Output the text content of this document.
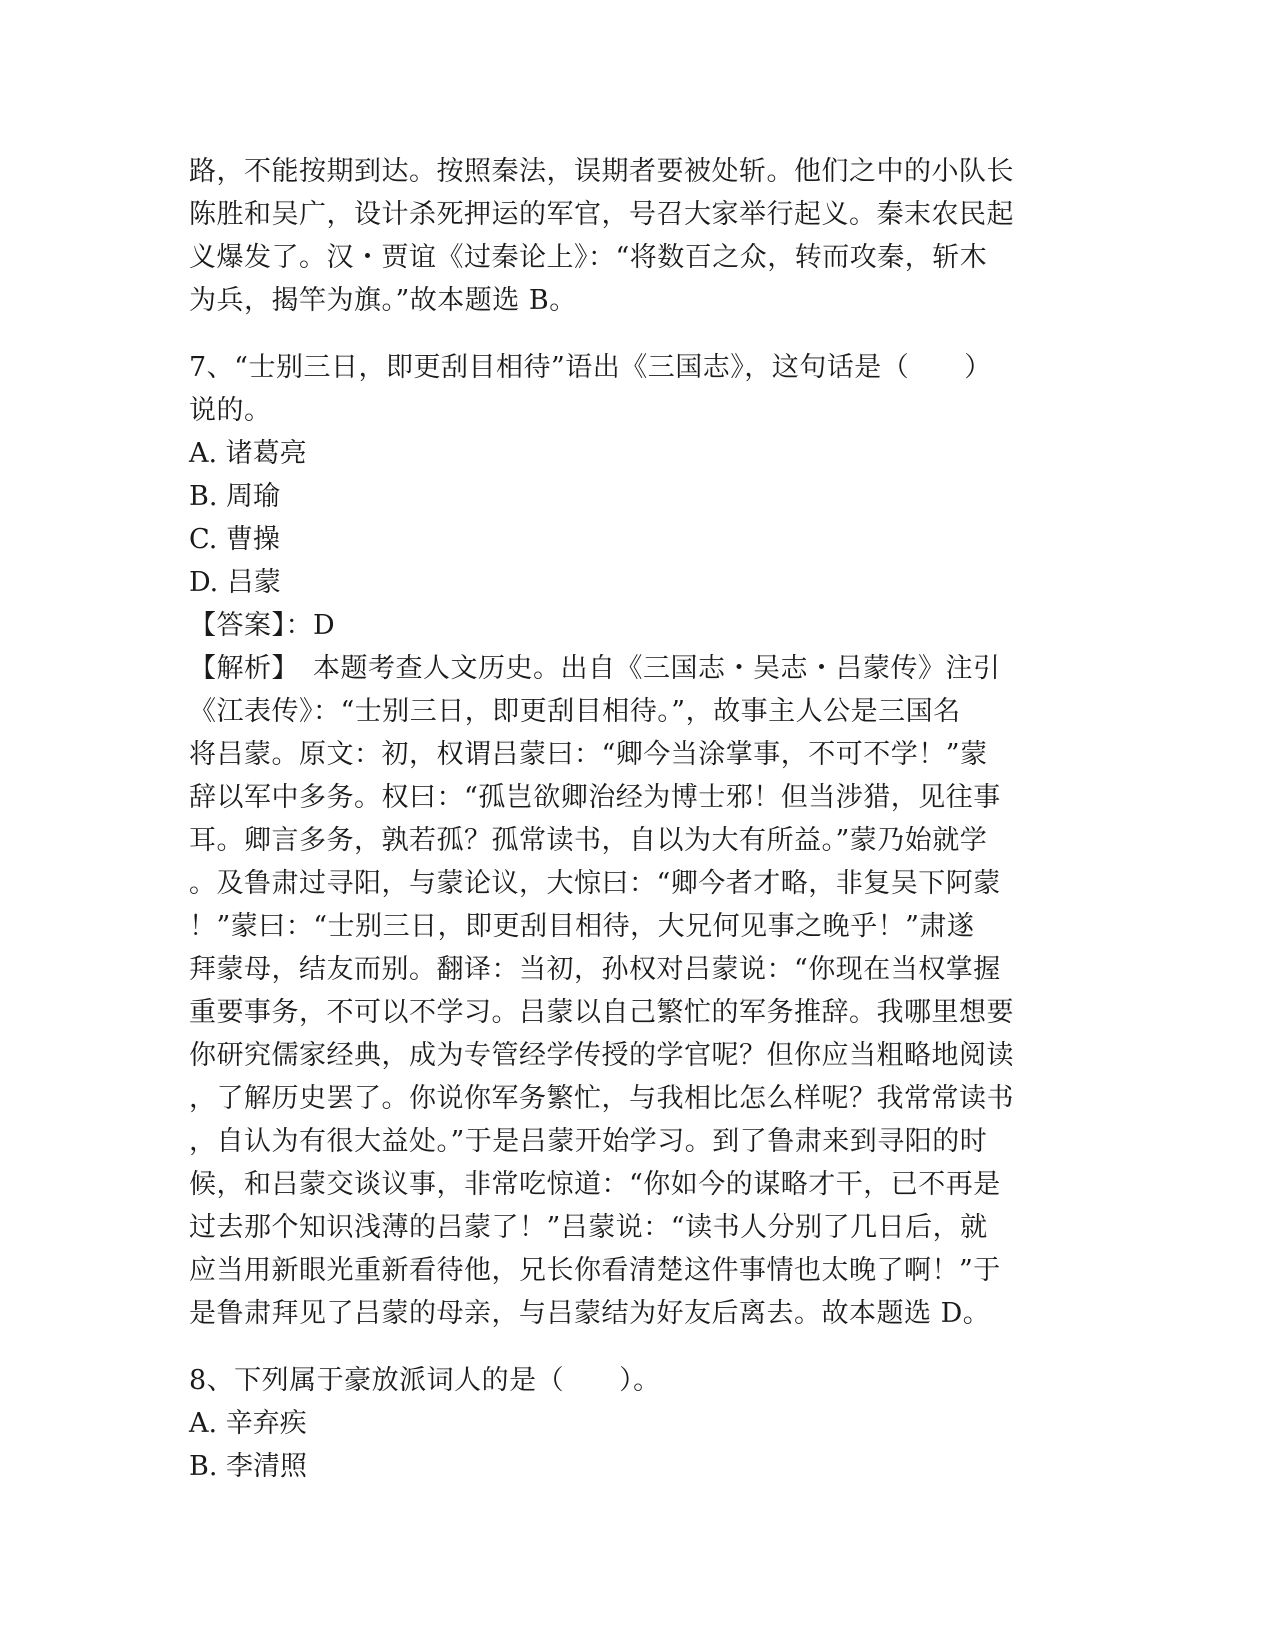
路，不能按期到达。按照秦法，误期者要被处斩。他们之中的小队长
陈胜和吴广，设计杀死押运的军官，号召大家举行起义。秦末农民起
义爆发了。汉・贾谊《过秦论上》：“将数百之众，转而攻秦，斩木
为兵，揭竿为旗。”故本题选 B。
7、“士别三日，即更刮目相待”语出《三国志》，这句话是（　　）
说的。
A. 诸葛亮
B. 周瑜
C. 曹操
D. 吕蒙
【答案】：D
【解析】　本题考查人文历史。出自《三国志・吴志・吕蒙传》注引
《江表传》：“士别三日，即更刮目相待。”，故事主人公是三国名
将吕蒙。原文：初，权谓吕蒙曰：“卿今当涂掌事，不可不学！”蒙
辞以军中多务。权曰：“孤岂欲卿治经为博士邪！但当涉猎，见往事
耳。卿言多务，孰若孤？孤常读书，自以为大有所益。”蒙乃始就学
。及鲁肃过寻阳，与蒙论议，大惊曰：“卿今者才略，非复吴下阿蒙
！”蒙曰：“士别三日，即更刮目相待，大兄何见事之晚乎！”肃遂
拜蒙母，结友而别。翻译：当初，孙权对吕蒙说：“你现在当权掌握
重要事务，不可以不学习。吕蒙以自己繁忙的军务推辞。我哪里想要
你研究儒家经典，成为专管经学传授的学官呢？但你应当粗略地阅读
，了解历史罢了。你说你军务繁忙，与我相比怎么样呢？我常常读书
，自认为有很大益处。”于是吕蒙开始学习。到了鲁肃来到寻阳的时
候，和吕蒙交谈议事，非常吃惊道：“你如今的谋略才干，已不再是
过去那个知识浅薄的吕蒙了！”吕蒙说：“读书人分别了几日后，就
应当用新眼光重新看待他，兄长你看清楚这件事情也太晚了啊！”于
是鲁肃拜见了吕蒙的母亲，与吕蒙结为好友后离去。故本题选 D。
8、下列属于豪放派词人的是（　　）。
A. 辛弃疾
B. 李清照
